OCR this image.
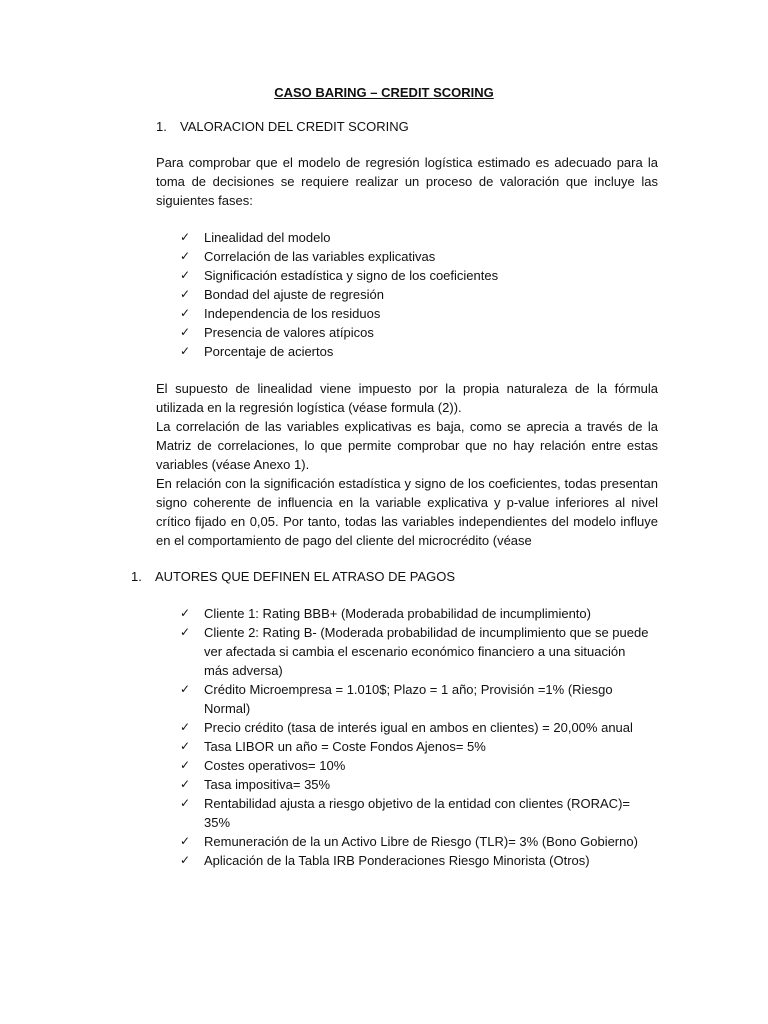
CASO BARING – CREDIT SCORING
1. VALORACION DEL CREDIT SCORING

Para comprobar que el modelo de regresión logística estimado es adecuado para la toma de decisiones se requiere realizar un proceso de valoración que incluye las siguientes fases:

✓ Linealidad del modelo
✓ Correlación de las variables explicativas
✓ Significación estadística y signo de los coeficientes
✓ Bondad del ajuste de regresión
✓ Independencia de los residuos
✓ Presencia de valores atípicos
✓ Porcentaje de aciertos

El supuesto de linealidad viene impuesto por la propia naturaleza de la fórmula utilizada en la regresión logística (véase formula (2)).

La correlación de las variables explicativas es baja, como se aprecia a través de la Matriz de correlaciones, lo que permite comprobar que no hay relación entre estas variables (véase Anexo 1).

En relación con la significación estadística y signo de los coeficientes, todas presentan signo coherente de influencia en la variable explicativa y p-value inferiores al nivel crítico fijado en 0,05. Por tanto, todas las variables independientes del modelo influye en el comportamiento de pago del cliente del microcrédito (véase

1. AUTORES QUE DEFINEN EL ATRASO DE PAGOS
✓ Cliente 1: Rating BBB+ (Moderada probabilidad de incumplimiento)
✓ Cliente 2: Rating B- (Moderada probabilidad de incumplimiento que se puede ver afectada si cambia el escenario económico financiero a una situación más adversa)
✓ Crédito Microempresa = 1.010$; Plazo = 1 año; Provisión =1% (Riesgo Normal)
✓ Precio crédito (tasa de interés igual en ambos en clientes) = 20,00% anual
✓ Tasa LIBOR un año = Coste Fondos Ajenos= 5%
✓ Costes operativos= 10%
✓ Tasa impositiva= 35%
✓ Rentabilidad ajusta a riesgo objetivo de la entidad con clientes (RORAC)= 35%
✓ Remuneración de la un Activo Libre de Riesgo (TLR)= 3% (Bono Gobierno)
✓ Aplicación de la Tabla IRB Ponderaciones Riesgo Minorista (Otros)
